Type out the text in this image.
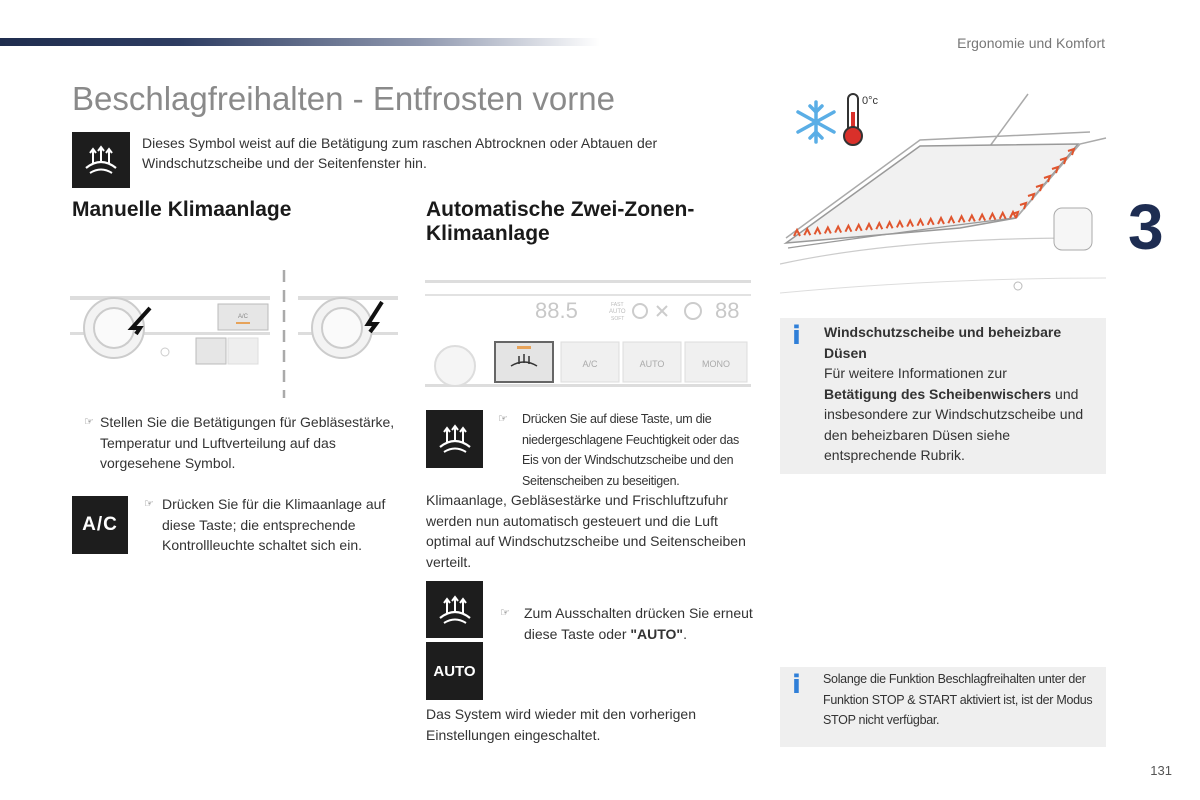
Ergonomie und Komfort
Beschlagfreihalten - Entfrosten vorne
Dieses Symbol weist auf die Betätigung zum raschen Abtrocknen oder Abtauen der Windschutzscheibe und der Seitenfenster hin.
Manuelle Klimaanlage
A/C
☞ Stellen Sie die Betätigungen für Gebläsestärke, Temperatur und Luftverteilung auf das vorgesehene Symbol.
A/C
☞ Drücken Sie für die Klimaanlage auf diese Taste; die entsprechende Kontrollleuchte schaltet sich ein.
Automatische Zwei-Zonen-
Klimaanlage
88.5	FAST
AUTO
SOFT	88
A/C	AUTO	MONO
☞	Drücken Sie auf diese Taste, um die niedergeschlagene Feuchtigkeit oder das Eis von der Windschutzscheibe und den Seitenscheiben zu beseitigen.
Klimaanlage, Gebläsestärke und Frischluftzufuhr werden nun automatisch gesteuert und die Luft optimal auf Windschutzscheibe und Seitenscheiben verteilt.
☞	Zum Ausschalten drücken Sie erneut diese Taste oder "AUTO".
AUTO
Das System wird wieder mit den vorherigen Einstellungen eingeschaltet.
0°c
3
i Windschutzscheibe und beheizbare Düsen
Für weitere Informationen zur
Betätigung des Scheibenwischers und insbesondere zur Windschutzscheibe und den beheizbaren Düsen siehe entsprechende Rubrik.
i Solange die Funktion Beschlagfreihalten unter der Funktion STOP & START aktiviert ist, ist der Modus STOP nicht verfügbar.
131
